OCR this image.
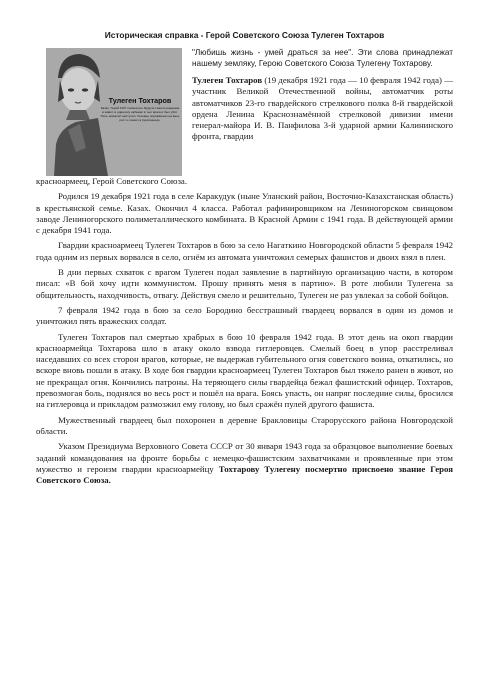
Историческая справка - Герой Советского Союза Тулеген Тохтаров
Тулеген Тохтаров
Казах. Герой ССР посмертно. Будучи тяжело раненым в живот, в одиночку забежал в тыл врага и был убит. Пять захватил наступил. Кочевец поражённых на весь рост и пошёл в рукопашную.

"Любишь жизнь - умей драться за нее". Эти слова принадлежат нашему земляку, Герою Советского Союза Тулегену Тохтарову.

Тулеген Тохтаров (19 декабря 1921 года — 10 февраля 1942 года) — участник Великой Отечественной войны, автоматчик роты автоматчиков 23-го гвардейского стрелкового полка 8-й гвардейской ордена Ленина Краснознамённой стрелковой дивизии имени генерал-майора И. В. Панфилова 3-й ударной армии Калининского фронта, гвардии

красноармеец, Герой Советского Союза.

Родился 19 декабря 1921 года в селе Каракудук (ныне Уланский район, Восточно-Казахстанская область) в крестьянской семье. Казах. Окончил 4 класса. Работал рафинировщиком на Лениногорском свинцовом заводе Лениногорского полиметаллического комбината. В Красной Армии с 1941 года. В действующей армии с декабря 1941 года.

Гвардии красноармеец Тулеген Тохтаров в бою за село Нагаткино Новгородской области 5 февраля 1942 года одним из первых ворвался в село, огнём из автомата уничтожил семерых фашистов и двоих взял в плен.

В дни первых схваток с врагом Тулеген подал заявление в партийную организацию части, в котором писал: «В бой хочу идти коммунистом. Прошу принять меня в партию». В роте любили Тулегена за общительность, находчивость, отвагу. Действуя смело и решительно, Тулеген не раз увлекал за собой бойцов.

7 февраля 1942 года в бою за село Бородино бесстрашный гвардеец ворвался в один из домов и уничтожил пять вражеских солдат.

Тулеген Тохтаров пал смертью храбрых в бою 10 февраля 1942 года. В этот день на окоп гвардии красноармейца Тохтарова шло в атаку около взвода гитлеровцев. Смелый боец в упор расстреливал наседавших со всех сторон врагов, которые, не выдержав губительного огня советского воина, откатились, но вскоре вновь пошли в атаку. В ходе боя гвардии красноармеец Тулеген Тохтаров был тяжело ранен в живот, но не прекращал огня. Кончились патроны. На теряющего силы гвардейца бежал фашистский офицер. Тохтаров, превозмогая боль, поднялся во весь рост и пошёл на врага. Боясь упасть, он напряг последние силы, бросился на гитлеровца и прикладом размозжил ему голову, но был сражён пулей другого фашиста.

Мужественный гвардеец был похоронен в деревне Бракловицы Старорусского района Новгородской области.

Указом Президиума Верховного Совета СССР от 30 января 1943 года за образцовое выполнение боевых заданий командования на фронте борьбы с немецко-фашистским захватчиками и проявленные при этом мужество и героизм гвардии красноармейцу Тохтарову Тулегену посмертно присвоено звание Героя Советского Союза.
